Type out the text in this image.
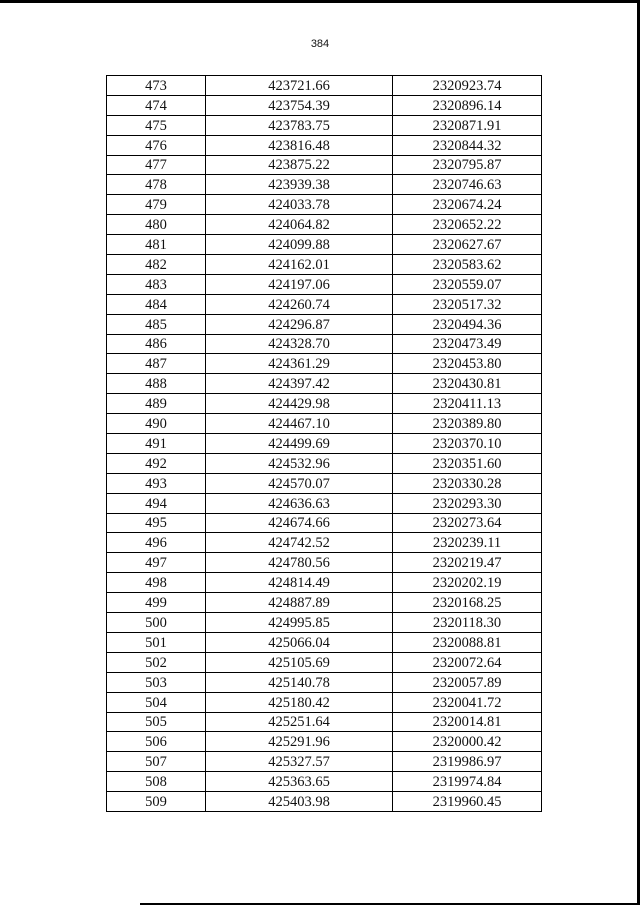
384
473	423721.66	2320923.74
474	423754.39	2320896.14
475	423783.75	2320871.91
476	423816.48	2320844.32
477	423875.22	2320795.87
478	423939.38	2320746.63
479	424033.78	2320674.24
480	424064.82	2320652.22
481	424099.88	2320627.67
482	424162.01	2320583.62
483	424197.06	2320559.07
484	424260.74	2320517.32
485	424296.87	2320494.36
486	424328.70	2320473.49
487	424361.29	2320453.80
488	424397.42	2320430.81
489	424429.98	2320411.13
490	424467.10	2320389.80
491	424499.69	2320370.10
492	424532.96	2320351.60
493	424570.07	2320330.28
494	424636.63	2320293.30
495	424674.66	2320273.64
496	424742.52	2320239.11
497	424780.56	2320219.47
498	424814.49	2320202.19
499	424887.89	2320168.25
500	424995.85	2320118.30
501	425066.04	2320088.81
502	425105.69	2320072.64
503	425140.78	2320057.89
504	425180.42	2320041.72
505	425251.64	2320014.81
506	425291.96	2320000.42
507	425327.57	2319986.97
508	425363.65	2319974.84
509	425403.98	2319960.45
